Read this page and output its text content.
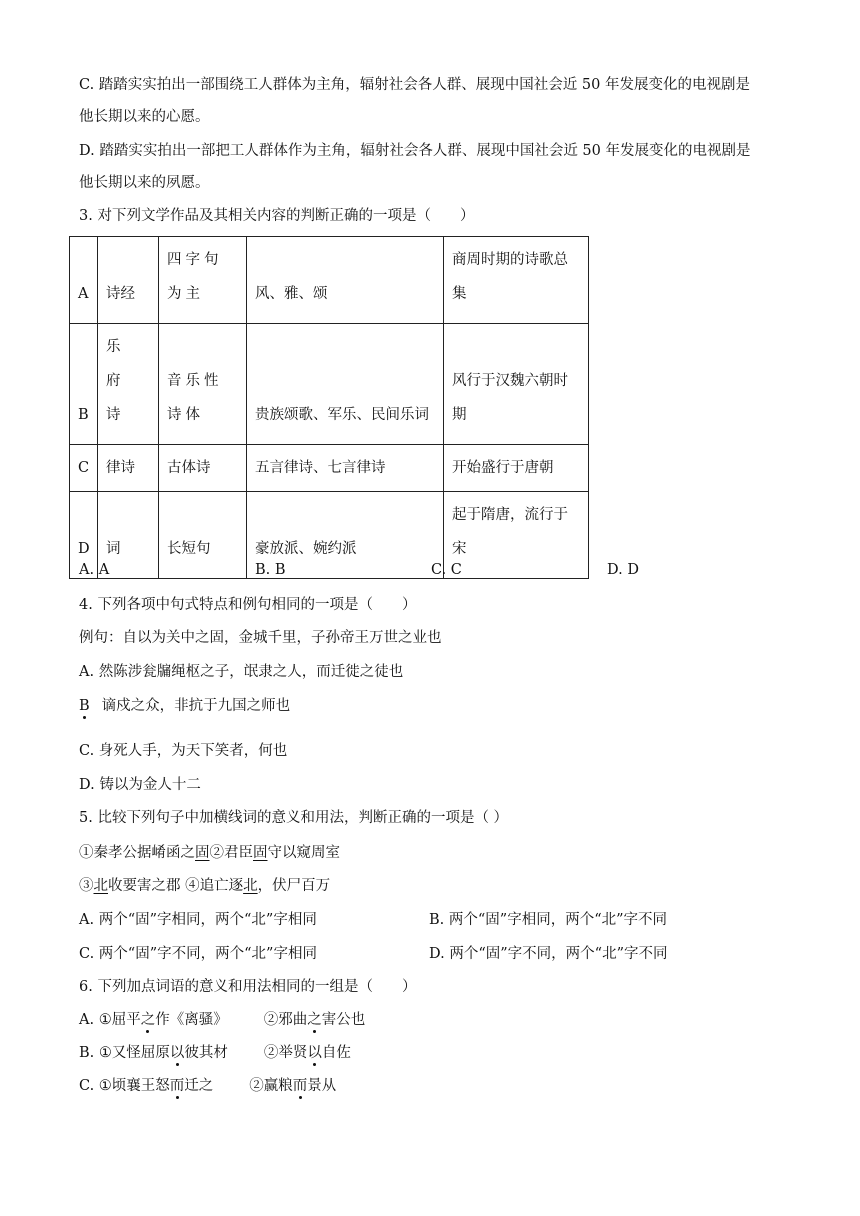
C. 踏踏实实拍出一部围绕工人群体为主角，辐射社会各人群、展现中国社会近 50 年发展变化的电视剧是
他长期以来的心愿。
D. 踏踏实实拍出一部把工人群体作为主角，辐射社会各人群、展现中国社会近 50 年发展变化的电视剧是
他长期以来的夙愿。
3. 对下列文学作品及其相关内容的判断正确的一项是（　　）
A	诗经	四字句为主	风、雅、颂	商周时期的诗歌总集
B	乐府诗	音乐性诗体	贵族颂歌、军乐、民间乐词	风行于汉魏六朝时期
C	律诗	古体诗	五言律诗、七言律诗	开始盛行于唐朝
D	词	长短句	豪放派、婉约派	起于隋唐，流行于宋
A. A	B. B	C. C	D. D
4. 下列各项中句式特点和例句相同的一项是（　　）
例句：自以为关中之固，金城千里，子孙帝王万世之业也
A. 然陈涉瓮牖绳枢之子，氓隶之人，而迁徙之徒也
B 谪戍之众，非抗于九国之师也
C. 身死人手，为天下笑者，何也
D. 铸以为金人十二
5. 比较下列句子中加横线词的意义和用法，判断正确的一项是（ ）
①秦孝公据崤函之固②君臣固守以窥周室
③北收要害之郡 ④追亡逐北，伏尸百万
A. 两个“固”字相同，两个“北”字相同	B. 两个“固”字相同，两个“北”字不同
C. 两个“固”字不同，两个“北”字相同	D. 两个“固”字不同，两个“北”字不同
6. 下列加点词语的意义和用法相同的一组是（　　）
A. ①屈平之作《离骚》 ②邪曲之害公也
B. ①又怪屈原以彼其材 ②举贤以自佐
C. ①顷襄王怒而迁之 ②赢粮而景从
